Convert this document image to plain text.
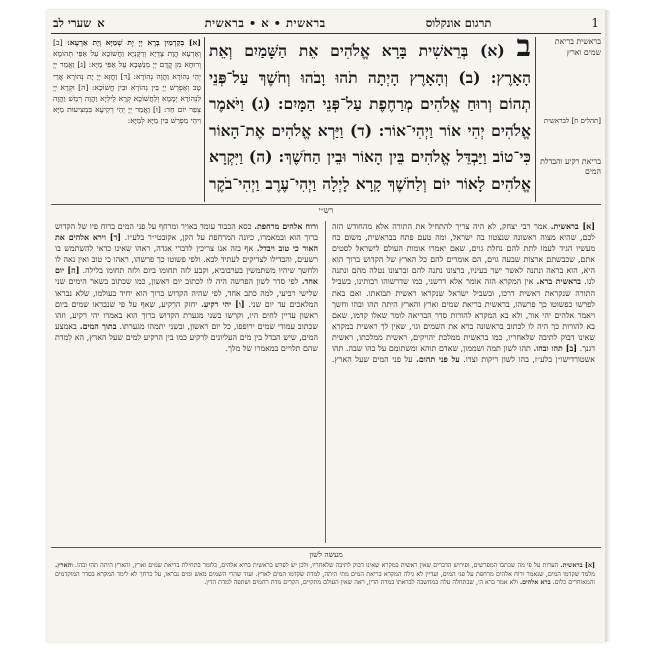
1
תרגום אונקלוס
בראשית • א • בראשית
שערי לב א
[א] בְּקַדְמִין בְּרָא יְיָ יָת שְׁמַיָּא וְיָת אַרְעָא: [ב] וְאַרְעָא הֲוָת צָדְיָא וְרֵקָנְיָא וַחֲשׁוֹכָא עַל אַפֵּי תְהוֹמָא וְרוּחָא מִן קֳדָם יְיָ מְנַשְּׁבָא עַל אַפֵּי מַיָּא: [ג] וַאֲמַר יְיָ יְהֵי נְהוֹרָא וַהֲוָה נְהוֹרָא: [ד] וַחֲזָא יְיָ יָת נְהוֹרָא אֲרֵי טָב וְאַפְרֵשׁ יְיָ בֵּין נְהוֹרָא וּבֵין חֲשׁוֹכָא: [ה] וּקְרָא יְיָ לִנְהוֹרָא יְמָמָא וְלַחֲשׁוֹכָא קְרָא לֵילְיָא וַהֲוָה רְמַשׁ וַהֲוָה צְפַר יוֹם חַד: [ו] וַאֲמַר יְיָ יְהֵי רְקִיעָא בִּמְצִיעוּת מַיָּא וִיהֵי מַפְרֵשׁ בֵּין מַיָּא לְמַיָּא:
ב (א) בְּרֵאשִׁית בָּרָא אֱלֹהִים אֵת הַשָּׁמַיִם וְאֵת הָאָרֶץ: (ב) וְהָאָרֶץ הָיְתָה תֹהוּ וָבֹהוּ וְחֹשֶׁךְ עַל־פְּנֵי תְהוֹם וְרוּחַ אֱלֹהִים מְרַחֶפֶת עַל־פְּנֵי הַמָּיִם: (ג) וַיֹּאמֶר אֱלֹהִים יְהִי אוֹר וַיְהִי־אוֹר: (ד) וַיַּרְא אֱלֹהִים אֶת־הָאוֹר כִּי־טוֹב וַיַּבְדֵּל אֱלֹהִים בֵּין הָאוֹר וּבֵין הַחֹשֶׁךְ: (ה) וַיִּקְרָא אֱלֹהִים לָאוֹר יוֹם וְלַחֹשֶׁךְ קָרָא לָיְלָה וַיְהִי־עֶרֶב וַיְהִי־בֹקֶר
בראשית בריאת שמים וארץ
[תהלים ח] לבראשית
בריאת רקיע והבדלת המים
רש״י
[א] בראשית. אמר רבי יצחק, לא היה צריך להתחיל את התורה אלא מהחודש הזה לכם, שהיא מצוה ראשונה שנצטוו בה ישראל, ומה טעם פתח בבראשית, משום כח מעשיו הגיד לעמו לתת להם נחלת גוים, שאם יאמרו אומות העולם לישראל לסטים אתם, שכבשתם ארצות שבעה גוים, הם אומרים להם כל הארץ של הקדוש ברוך הוא היא, הוא בראה ונתנה לאשר ישר בעיניו, ברצונו נתנה להם וברצונו נטלה מהם ונתנה לנו. בראשית ברא. אין המקרא הזה אומר אלא דרשני, כמו שדרשוהו רבותינו, בשביל התורה שנקראת ראשית דרכו, ובשביל ישראל שנקראו ראשית תבואתו. ואם באת לפרשו כפשוטו כך פרשהו, בראשית בריאת שמים וארץ והארץ היתה תהו ובהו וחשך ויאמר אלהים יהי אור, ולא בא המקרא להורות סדר הבריאה לומר שאלו קדמו, שאם בא להורות כך היה לו לכתוב בראשונה ברא את השמים וגו׳, שאין לך ראשית במקרא שאינו דבוק לתיבה שלאחריו, כמו בראשית ממלכת יהויקים, ראשית ממלכתו, ראשית דגנך. [ב] תהו ובהו. תהו לשון תמה ושממון, שאדם תוהא ומשתומם על בהו שבה. תהו אשטורדישו״ן בלע״ז, בהו לשון ריקות וצדו. על פני תהום. על פני המים שעל הארץ. ורוח אלהים מרחפת. כסא הכבוד עומד באויר ומרחף על פני המים ברוח פיו של הקדוש ברוך הוא ובמאמרו, כיונה המרחפת על הקן, אקובטי״ר בלע״ז. [ד] וירא אלהים את האור כי טוב ויבדל. אף בזה אנו צריכין לדברי אגדה, ראהו שאינו כדאי להשתמש בו רשעים, והבדילו לצדיקים לעתיד לבא. ולפי פשוטו כך פרשהו, ראהו כי טוב ואין נאה לו ולחשך שיהיו משתמשין בערבוביא, וקבע לזה תחומו ביום ולזה תחומו בלילה. [ה] יום אחד. לפי סדר לשון הפרשה היה לו לכתוב יום ראשון, כמו שכתוב בשאר הימים שני שלישי רביעי, למה כתב אחד, לפי שהיה הקדוש ברוך הוא יחיד בעולמו, שלא נבראו המלאכים עד יום שני. [ו] יהי רקיע. יחזק הרקיע, שאף על פי שנבראו שמים ביום ראשון עדיין לחים היו, וקרשו בשני מגערת הקדוש ברוך הוא באמרו יהי רקיע, וזהו שכתוב עמודי שמים ירופפו, כל יום ראשון, ובשני יתמהו מגערתו. בתוך המים. באמצע המים, שיש הבדל בין מים העליונים לרקיע כמו בין הרקיע למים שעל הארץ, הא למדת שהם תלויים במאמרו של מלך.
מעשה לשון
[א] בראשית. הערות על פי מה שכתבו המפרשים, ופירוש הדברים שאין ראשית במקרא שאינו דבוק לתיבה שלאחריו, ולכן יש לפרש בראשית ברוא אלהים, כלומר בתחילת בריאת שמים וארץ, והארץ היתה תהו ובהו. והארץ. מלמד שקדמו המים, שנאמר ורוח אלהים מרחפת על פני המים, ועדיין לא גילה המקרא בריאת המים מתי היתה, למדת שקדמו המים לארץ. ועוד שהרי השמים מאש ומים נבראו, על כרחך לא לימד המקרא בסדר המוקדמים והמאוחרים כלום. ברא אלהים. ולא אמר ברא ה׳, שבתחלה עלה במחשבה לבראתו במדת הדין, ראה שאין העולם מתקיים, הקדים מדת רחמים ושתפה למדת הדין.
